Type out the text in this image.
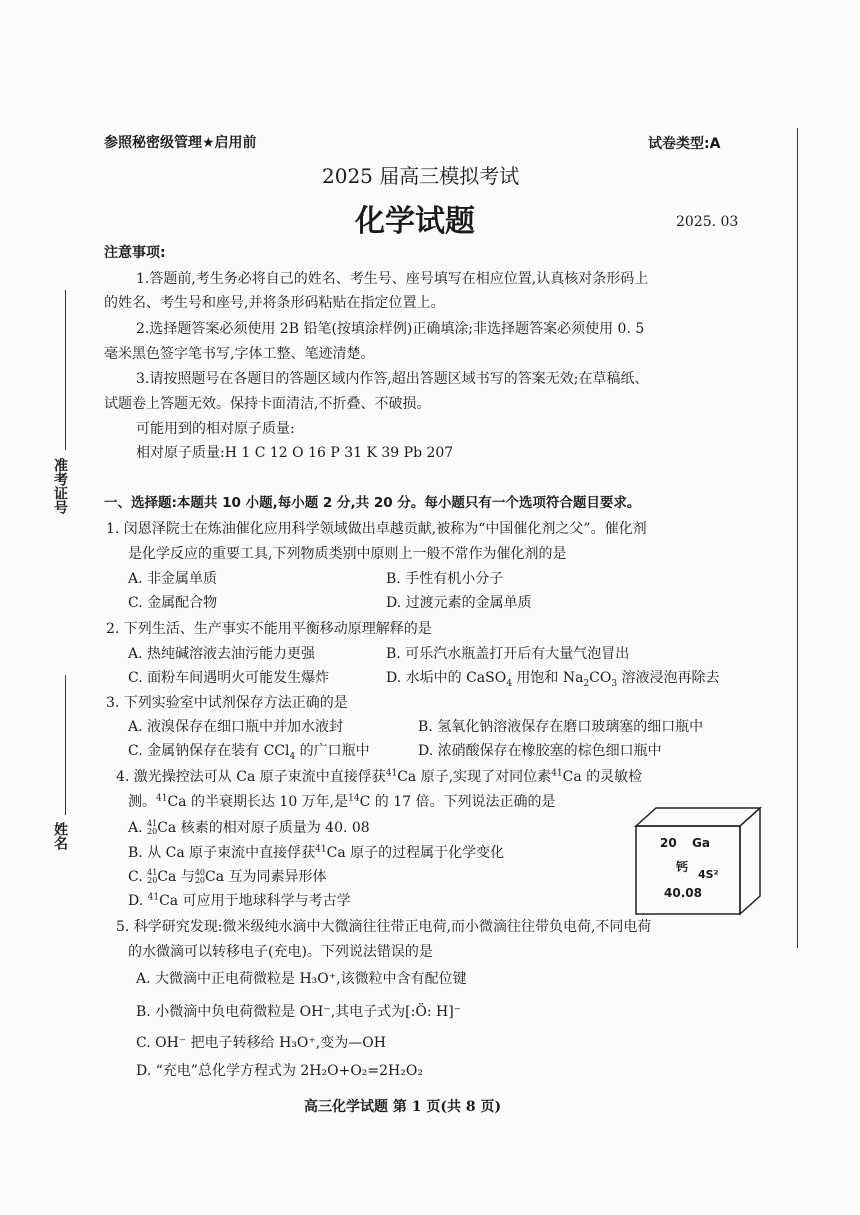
准考证号
姓名
参照秘密级管理★启用前	试卷类型:A
2025 届高三模拟考试
化学试题	2025. 03
注意事项:
1.答题前,考生务必将自己的姓名、考生号、座号填写在相应位置,认真核对条形码上
的姓名、考生号和座号,并将条形码粘贴在指定位置上。
2.选择题答案必须使用 2B 铅笔(按填涂样例)正确填涂;非选择题答案必须使用 0. 5
毫米黑色签字笔书写,字体工整、笔迹清楚。
3.请按照题号在各题目的答题区域内作答,超出答题区域书写的答案无效;在草稿纸、
试题卷上答题无效。保持卡面清洁,不折叠、不破损。
可能用到的相对原子质量:
相对原子质量:H 1 C 12 O 16 P 31 K 39 Pb 207
一、选择题:本题共 10 小题,每小题 2 分,共 20 分。每小题只有一个选项符合题目要求。
1. 闵恩泽院士在炼油催化应用科学领域做出卓越贡献,被称为“中国催化剂之父”。催化剂
是化学反应的重要工具,下列物质类别中原则上一般不常作为催化剂的是
A. 非金属单质	B. 手性有机小分子
C. 金属配合物	D. 过渡元素的金属单质
2. 下列生活、生产事实不能用平衡移动原理解释的是
A. 热纯碱溶液去油污能力更强	B. 可乐汽水瓶盖打开后有大量气泡冒出
C. 面粉车间遇明火可能发生爆炸	D. 水垢中的 CaSO$_4$ 用饱和 $Na_2CO_3$ 溶液浸泡再除去
3. 下列实验室中试剂保存方法正确的是
A. 液溴保存在细口瓶中并加水液封	B. 氢氧化钠溶液保存在磨口玻璃塞的细口瓶中
C. 金属钠保存在装有 CCl$_4$ 的广口瓶中	D. 浓硝酸保存在橡胶塞的棕色细口瓶中
4. 激光操控法可从 Ca 原子束流中直接俘获$^{41}$Ca 原子,实现了对同位素$^{41}$Ca 的灵敏检
测。$^{41}$Ca 的半衰期长达 10 万年,是$^{14}$C 的 17 倍。下列说法正确的是
A. 41
20Ca 核素的相对原子质量为 40. 08
B. 从 Ca 原子束流中直接俘获$^{41}$Ca 原子的过程属于化学变化
C. 41
20Ca 与40
20Ca 互为同素异形体
D. $^{41}$Ca 可应用于地球科学与考古学
20 Ga
钙
4S²
40.08
5. 科学研究发现:微米级纯水滴中大微滴往往带正电荷,而小微滴往往带负电荷,不同电荷
的水微滴可以转移电子(充电)。下列说法错误的是
A. 大微滴中正电荷微粒是 H₃O⁺,该微粒中含有配位键
B. 小微滴中负电荷微粒是 OH⁻,其电子式为[:Ö: H]⁻
C. OH⁻ 把电子转移给 H₃O⁺,变为—OH
D. “充电”总化学方程式为 2H₂O+O₂=2H₂O₂
高三化学试题 第 1 页(共 8 页)
